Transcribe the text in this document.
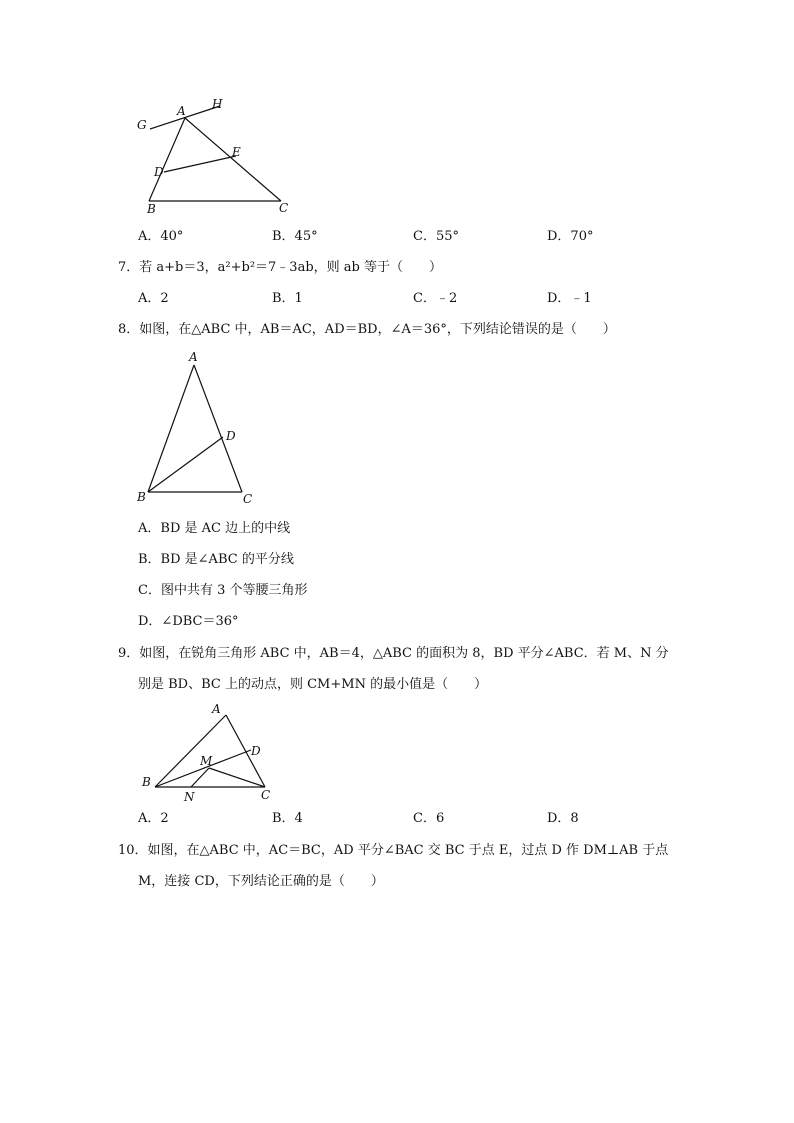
G
A H
E
D
B	C
A．40°	B．45°	C．55°	D．70°
7．若 a+b＝3，a²+b²＝7﹣3ab，则 ab 等于（　　）
A．2	B．1	C．﹣2	D．﹣1
8．如图，在△ABC 中，AB＝AC，AD＝BD，∠A＝36°，下列结论错误的是（　　）
A
D
B	C
A．BD 是 AC 边上的中线
B．BD 是∠ABC 的平分线
C．图中共有 3 个等腰三角形
D．∠DBC＝36°
9．如图，在锐角三角形 ABC 中，AB＝4，△ABC 的面积为 8，BD 平分∠ABC．若 M、N 分
别是 BD、BC 上的动点，则 CM+MN 的最小值是（　　）
A
D
M
B
N	C
A．2	B．4	C．6	D．8
10．如图，在△ABC 中，AC＝BC，AD 平分∠BAC 交 BC 于点 E，过点 D 作 DM⊥AB 于点
M，连接 CD，下列结论正确的是（　　）
